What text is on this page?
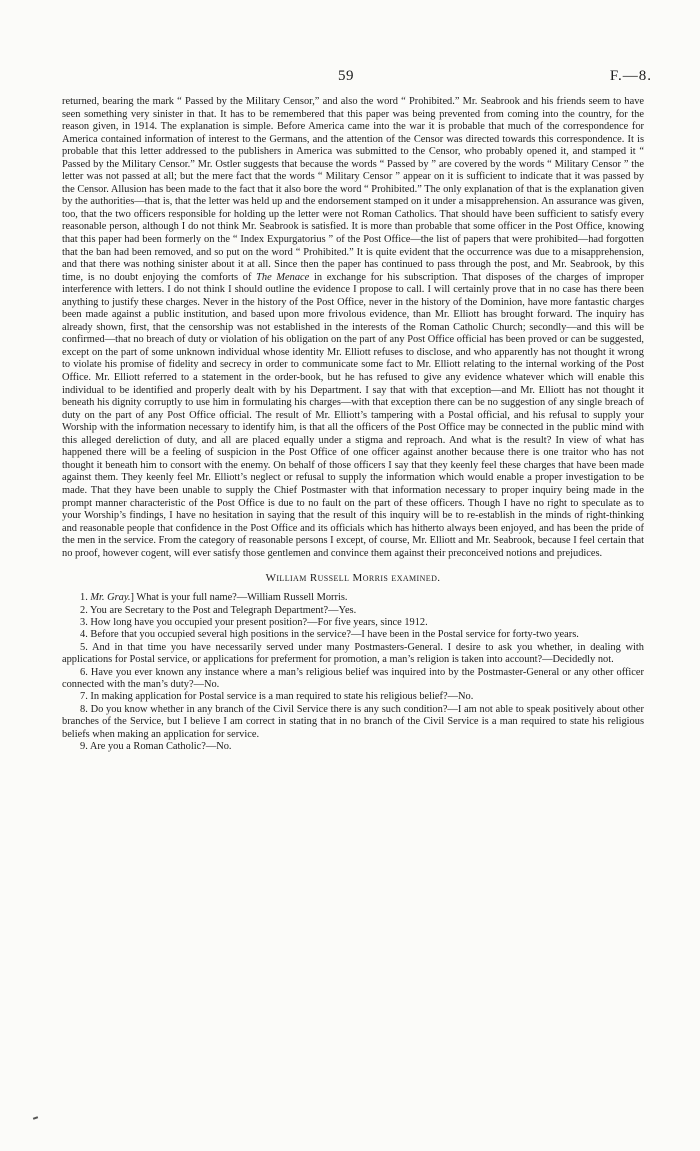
59	F.—8.

returned, bearing the mark “ Passed by the Military Censor,” and also the word “ Prohibited.” Mr. Seabrook and his friends seem to have seen something very sinister in that. It has to be remembered that this paper was being prevented from coming into the country, for the reason given, in 1914. The explanation is simple. Before America came into the war it is probable that much of the correspondence for America contained information of interest to the Germans, and the attention of the Censor was directed towards this correspondence. It is probable that this letter addressed to the publishers in America was submitted to the Censor, who probably opened it, and stamped it “ Passed by the Military Censor.” Mr. Ostler suggests that because the words “ Passed by ” are covered by the words “ Military Censor ” the letter was not passed at all; but the mere fact that the words “ Military Censor ” appear on it is sufficient to indicate that it was passed by the Censor. Allusion has been made to the fact that it also bore the word “ Prohibited.” The only explanation of that is the explanation given by the authorities—that is, that the letter was held up and the endorsement stamped on it under a misapprehension. An assurance was given, too, that the two officers responsible for holding up the letter were not Roman Catholics. That should have been sufficient to satisfy every reasonable person, although I do not think Mr. Seabrook is satisfied. It is more than probable that some officer in the Post Office, knowing that this paper had been formerly on the “ Index Expurgatorius ” of the Post Office—the list of papers that were prohibited—had forgotten that the ban had been removed, and so put on the word “ Prohibited.” It is quite evident that the occurrence was due to a misapprehension, and that there was nothing sinister about it at all. Since then the paper has continued to pass through the post, and Mr. Seabrook, by this time, is no doubt enjoying the comforts of The Menace in exchange for his subscription. That disposes of the charges of improper interference with letters. I do not think I should outline the evidence I propose to call. I will certainly prove that in no case has there been anything to justify these charges. Never in the history of the Post Office, never in the history of the Dominion, have more fantastic charges been made against a public institution, and based upon more frivolous evidence, than Mr. Elliott has brought forward. The inquiry has already shown, first, that the censorship was not established in the interests of the Roman Catholic Church; secondly—and this will be confirmed—that no breach of duty or violation of his obligation on the part of any Post Office official has been proved or can be suggested, except on the part of some unknown individual whose identity Mr. Elliott refuses to disclose, and who apparently has not thought it wrong to violate his promise of fidelity and secrecy in order to communicate some fact to Mr. Elliott relating to the internal working of the Post Office. Mr. Elliott referred to a statement in the order-book, but he has refused to give any evidence whatever which will enable this individual to be identified and properly dealt with by his Department. I say that with that exception—and Mr. Elliott has not thought it beneath his dignity corruptly to use him in formulating his charges—with that exception there can be no suggestion of any single breach of duty on the part of any Post Office official. The result of Mr. Elliott’s tampering with a Postal official, and his refusal to supply your Worship with the information necessary to identify him, is that all the officers of the Post Office may be connected in the public mind with this alleged dereliction of duty, and all are placed equally under a stigma and reproach. And what is the result? In view of what has happened there will be a feeling of suspicion in the Post Office of one officer against another because there is one traitor who has not thought it beneath him to consort with the enemy. On behalf of those officers I say that they keenly feel these charges that have been made against them. They keenly feel Mr. Elliott’s neglect or refusal to supply the information which would enable a proper investigation to be made. That they have been unable to supply the Chief Postmaster with that information necessary to proper inquiry being made in the prompt manner characteristic of the Post Office is due to no fault on the part of these officers. Though I have no right to speculate as to your Worship’s findings, I have no hesitation in saying that the result of this inquiry will be to re-establish in the minds of right-thinking and reasonable people that confidence in the Post Office and its officials which has hitherto always been enjoyed, and has been the pride of the men in the service. From the category of reasonable persons I except, of course, Mr. Elliott and Mr. Seabrook, because I feel certain that no proof, however cogent, will ever satisfy those gentlemen and convince them against their preconceived notions and prejudices.

William Russell Morris examined.

1. Mr. Gray.] What is your full name?—William Russell Morris.

2. You are Secretary to the Post and Telegraph Department?—Yes.

3. How long have you occupied your present position?—For five years, since 1912.

4. Before that you occupied several high positions in the service?—I have been in the Postal service for forty-two years.

5. And in that time you have necessarily served under many Postmasters-General. I desire to ask you whether, in dealing with applications for Postal service, or applications for preferment for promotion, a man’s religion is taken into account?—Decidedly not.

6. Have you ever known any instance where a man’s religious belief was inquired into by the Postmaster-General or any other officer connected with the man’s duty?—No.

7. In making application for Postal service is a man required to state his religious belief?—No.

8. Do you know whether in any branch of the Civil Service there is any such condition?—I am not able to speak positively about other branches of the Service, but I believe I am correct in stating that in no branch of the Civil Service is a man required to state his religious beliefs when making an application for service.

9. Are you a Roman Catholic?—No.
